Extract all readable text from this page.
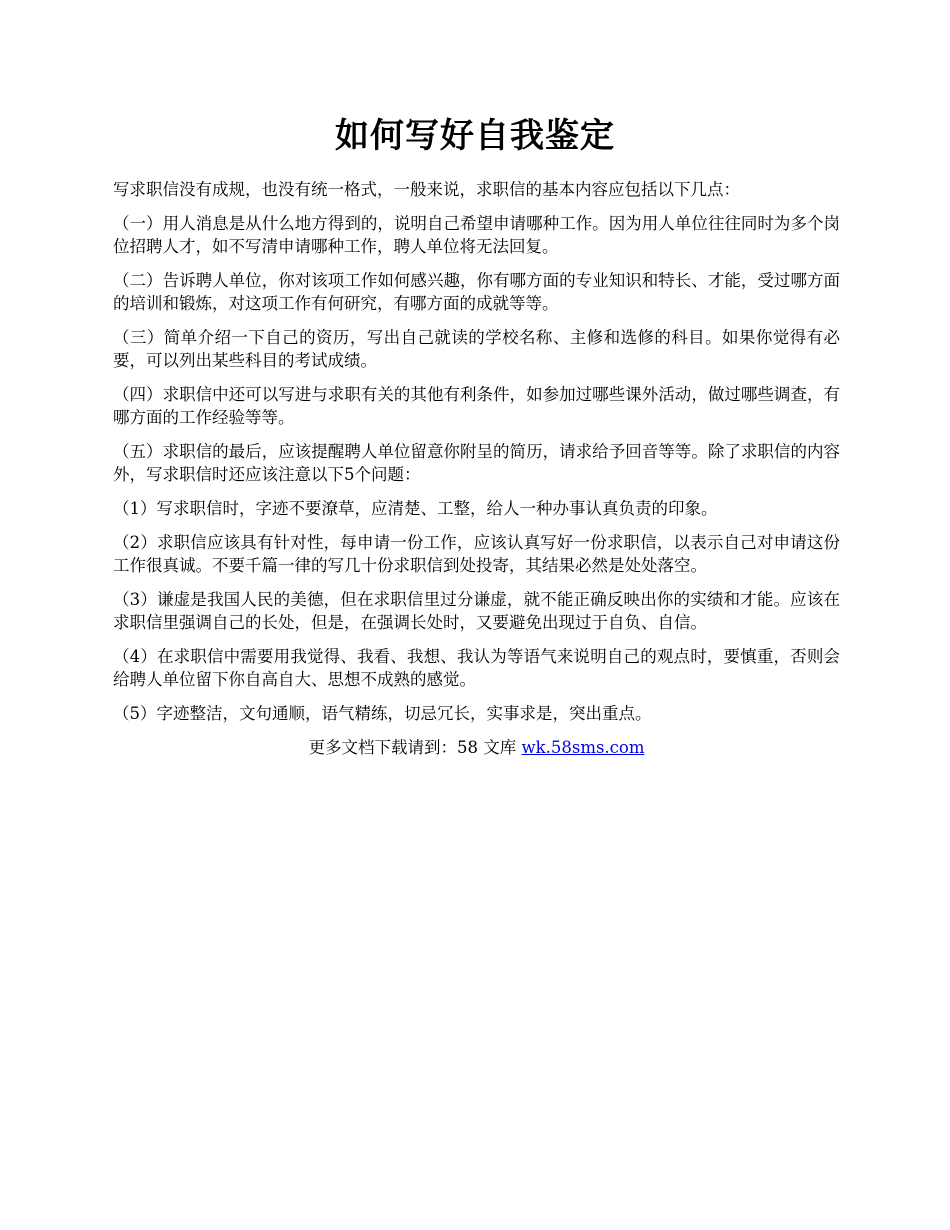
如何写好自我鉴定

写求职信没有成规，也没有统一格式，一般来说，求职信的基本内容应包括以下几点：

（一）用人消息是从什么地方得到的，说明自己希望申请哪种工作。因为用人单位往往同时为多个岗位招聘人才，如不写清申请哪种工作，聘人单位将无法回复。

（二）告诉聘人单位，你对该项工作如何感兴趣，你有哪方面的专业知识和特长、才能，受过哪方面的培训和锻炼，对这项工作有何研究，有哪方面的成就等等。

（三）简单介绍一下自己的资历，写出自己就读的学校名称、主修和选修的科目。如果你觉得有必要，可以列出某些科目的考试成绩。

（四）求职信中还可以写进与求职有关的其他有利条件，如参加过哪些课外活动，做过哪些调查，有哪方面的工作经验等等。

（五）求职信的最后，应该提醒聘人单位留意你附呈的简历，请求给予回音等等。除了求职信的内容外，写求职信时还应该注意以下5个问题：

（1）写求职信时，字迹不要潦草，应清楚、工整，给人一种办事认真负责的印象。

（2）求职信应该具有针对性，每申请一份工作，应该认真写好一份求职信，以表示自己对申请这份工作很真诚。不要千篇一律的写几十份求职信到处投寄，其结果必然是处处落空。

（3）谦虚是我国人民的美德，但在求职信里过分谦虚，就不能正确反映出你的实绩和才能。应该在求职信里强调自己的长处，但是，在强调长处时，又要避免出现过于自负、自信。

（4）在求职信中需要用我觉得、我看、我想、我认为等语气来说明自己的观点时，要慎重，否则会给聘人单位留下你自高自大、思想不成熟的感觉。

（5）字迹整洁，文句通顺，语气精练，切忌冗长，实事求是，突出重点。

更多文档下载请到：58 文库 wk.58sms.com
